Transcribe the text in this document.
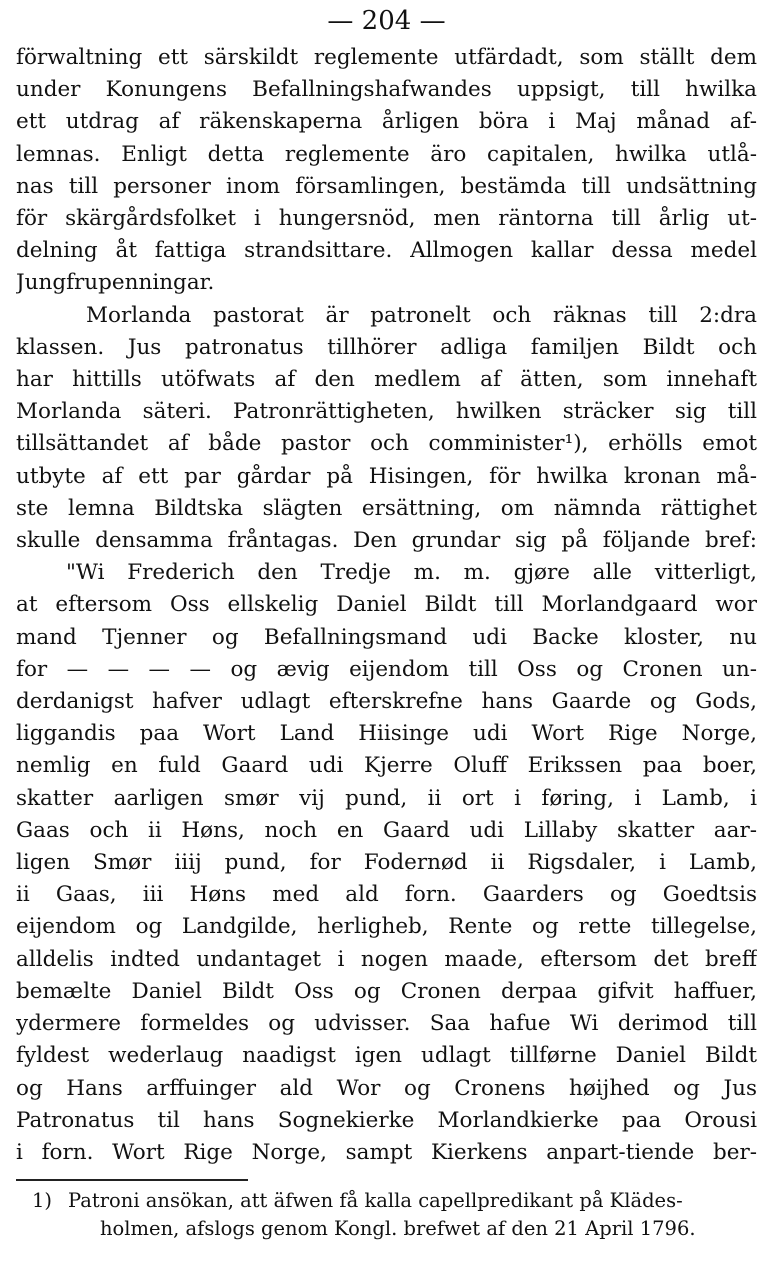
— 204 —
förwaltning ett särskildt reglemente utfärdadt, som ställt dem
under Konungens Befallningshafwandes uppsigt, till hwilka
ett utdrag af räkenskaperna årligen böra i Maj månad af-
lemnas. Enligt detta reglemente äro capitalen, hwilka utlå-
nas till personer inom församlingen, bestämda till undsättning
för skärgårdsfolket i hungersnöd, men räntorna till årlig ut-
delning åt fattiga strandsittare. Allmogen kallar dessa medel
Jungfrupenningar.
Morlanda pastorat är patronelt och räknas till 2:dra
klassen. Jus patronatus tillhörer adliga familjen Bildt och
har hittills utöfwats af den medlem af ätten, som innehaft
Morlanda säteri. Patronrättigheten, hwilken sträcker sig till
tillsättandet af både pastor och comminister¹), erhölls emot
utbyte af ett par gårdar på Hisingen, för hwilka kronan må-
ste lemna Bildtska slägten ersättning, om nämnda rättighet
skulle densamma fråntagas. Den grundar sig på följande bref:
"Wi Frederich den Tredje m. m. gjøre alle vitterligt,
at eftersom Oss ellskelig Daniel Bildt till Morlandgaard wor
mand Tjenner og Befallningsmand udi Backe kloster, nu
for — — — — og ævig eijendom till Oss og Cronen un-
derdanigst hafver udlagt efterskrefne hans Gaarde og Gods,
liggandis paa Wort Land Hiisinge udi Wort Rige Norge,
nemlig en fuld Gaard udi Kjerre Oluff Erikssen paa boer,
skatter aarligen smør vij pund, ii ort i føring, i Lamb, i
Gaas och ii Høns, noch en Gaard udi Lillaby skatter aar-
ligen Smør iiij pund, for Fodernød ii Rigsdaler, i Lamb,
ii Gaas, iii Høns med ald forn. Gaarders og Goedtsis
eijendom og Landgilde, herligheb, Rente og rette tillegelse,
alldelis indted undantaget i nogen maade, eftersom det breff
bemælte Daniel Bildt Oss og Cronen derpaa gifvit haffuer,
ydermere formeldes og udvisser. Saa hafue Wi derimod till
fyldest wederlaug naadigst igen udlagt tillførne Daniel Bildt
og Hans arffuinger ald Wor og Cronens høijhed og Jus
Patronatus til hans Sognekierke Morlandkierke paa Orousi
i forn. Wort Rige Norge, sampt Kierkens anpart-tiende ber-
1) Patroni ansökan, att äfwen få kalla capellpredikant på Klädes-
holmen, afslogs genom Kongl. brefwet af den 21 April 1796.
